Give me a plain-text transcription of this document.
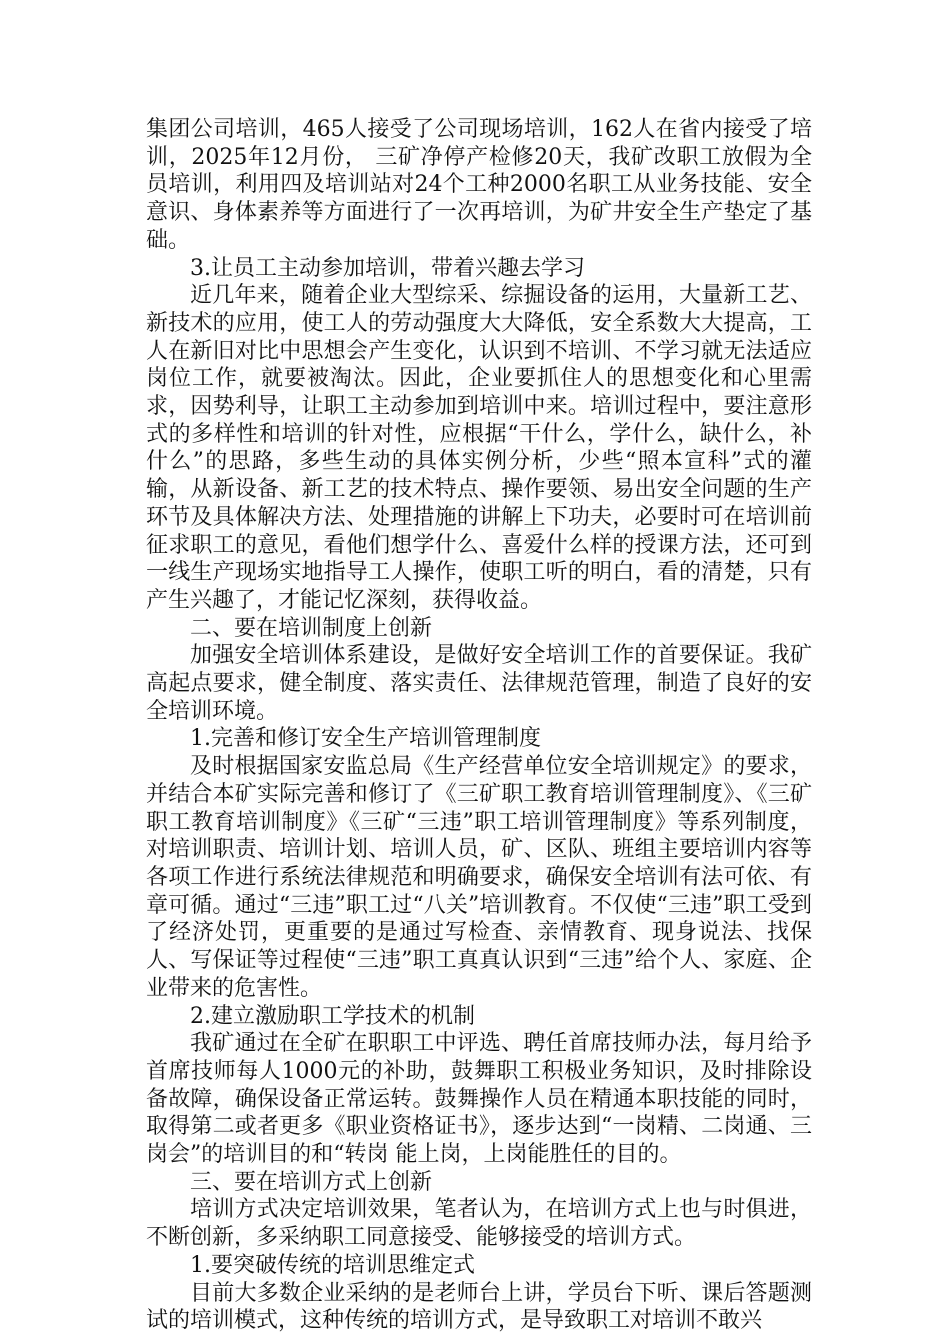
集团公司培训，465人接受了公司现场培训，162人在省内接受了培训，2025年12月份， 三矿净停产检修20天，我矿改职工放假为全员培训，利用四及培训站对24个工种2000名职工从业务技能、安全意识、身体素养等方面进行了一次再培训，为矿井安全生产垫定了基础。

3.让员工主动参加培训，带着兴趣去学习

近几年来，随着企业大型综采、综掘设备的运用，大量新工艺、新技术的应用，使工人的劳动强度大大降低，安全系数大大提高，工人在新旧对比中思想会产生变化，认识到不培训、不学习就无法适应岗位工作，就要被淘汰。因此，企业要抓住人的思想变化和心里需求，因势利导，让职工主动参加到培训中来。培训过程中，要注意形式的多样性和培训的针对性，应根据“干什么，学什么，缺什么，补什么”的思路，多些生动的具体实例分析，少些“照本宣科”式的灌输，从新设备、新工艺的技术特点、操作要领、易出安全问题的生产环节及具体解决方法、处理措施的讲解上下功夫，必要时可在培训前征求职工的意见，看他们想学什么、喜爱什么样的授课方法，还可到一线生产现场实地指导工人操作，使职工听的明白，看的清楚，只有产生兴趣了，才能记忆深刻，获得收益。

二、要在培训制度上创新

加强安全培训体系建设，是做好安全培训工作的首要保证。我矿高起点要求，健全制度、落实责任、法律规范管理，制造了良好的安全培训环境。

1.完善和修订安全生产培训管理制度

及时根据国家安监总局《生产经营单位安全培训规定》的要求，并结合本矿实际完善和修订了《三矿职工教育培训管理制度》、《三矿职工教育培训制度》《三矿“三违”职工培训管理制度》等系列制度，对培训职责、培训计划、培训人员，矿、区队、班组主要培训内容等各项工作进行系统法律规范和明确要求，确保安全培训有法可依、有章可循。通过“三违”职工过“八关”培训教育。不仅使“三违”职工受到了经济处罚，更重要的是通过写检查、亲情教育、现身说法、找保人、写保证等过程使“三违”职工真真认识到“三违”给个人、家庭、企业带来的危害性。

2.建立激励职工学技术的机制

我矿通过在全矿在职职工中评选、聘任首席技师办法，每月给予首席技师每人1000元的补助，鼓舞职工积极业务知识，及时排除设备故障，确保设备正常运转。鼓舞操作人员在精通本职技能的同时，取得第二或者更多《职业资格证书》，逐步达到“一岗精、二岗通、三岗会”的培训目的和“转岗 能上岗，上岗能胜任的目的。

三、要在培训方式上创新

培训方式决定培训效果，笔者认为，在培训方式上也与时俱进，不断创新，多采纳职工同意接受、能够接受的培训方式。

1.要突破传统的培训思维定式

目前大多数企业采纳的是老师台上讲，学员台下听、课后答题测试的培训模式，这种传统的培训方式，是导致职工对培训不敢兴
